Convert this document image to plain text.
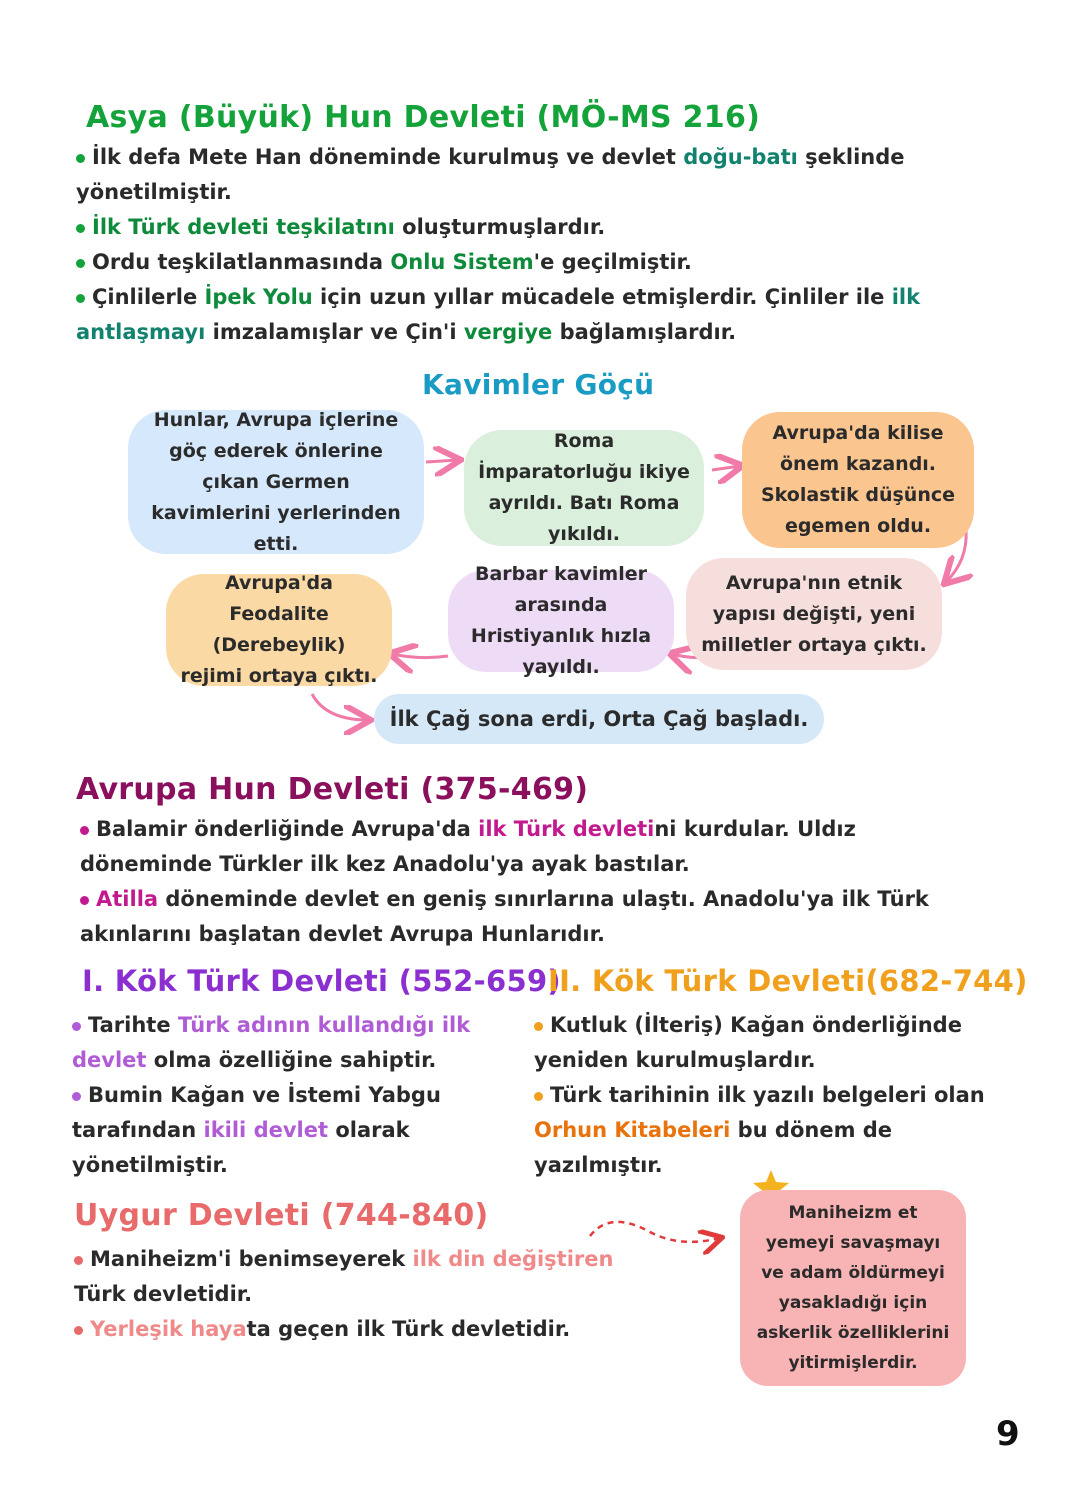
Asya (Büyük) Hun Devleti (MÖ-MS 216)
İlk defa Mete Han döneminde kurulmuş ve devlet doğu-batı şeklinde yönetilmiştir.
İlk Türk devleti teşkilatını oluşturmuşlardır.
Ordu teşkilatlanmasında Onlu Sistem'e geçilmiştir.
Çinlilerle İpek Yolu için uzun yıllar mücadele etmişlerdir. Çinliler ile ilk antlaşmayı imzalamışlar ve Çin'i vergiye bağlamışlardır.
Kavimler Göçü
Hunlar, Avrupa içlerine göç ederek önlerine çıkan Germen kavimlerini yerlerinden etti.
Roma İmparatorluğu ikiye ayrıldı. Batı Roma yıkıldı.
Avrupa'da kilise önem kazandı. Skolastik düşünce egemen oldu.
Avrupa'nın etnik yapısı değişti, yeni milletler ortaya çıktı.
Barbar kavimler arasında Hristiyanlık hızla yayıldı.
Avrupa'da Feodalite (Derebeylik) rejimi ortaya çıktı.
İlk Çağ sona erdi, Orta Çağ başladı.
Avrupa Hun Devleti (375-469)
Balamir önderliğinde Avrupa'da ilk Türk devletini kurdular. Uldız döneminde Türkler ilk kez Anadolu'ya ayak bastılar.
Atilla döneminde devlet en geniş sınırlarına ulaştı. Anadolu'ya ilk Türk akınlarını başlatan devlet Avrupa Hunlarıdır.
I. Kök Türk Devleti (552-659)
Tarihte Türk adının kullandığı ilk devlet olma özelliğine sahiptir.
Bumin Kağan ve İstemi Yabgu tarafından ikili devlet olarak yönetilmiştir.
II. Kök Türk Devleti(682-744)
Kutluk (İlteriş) Kağan önderliğinde yeniden kurulmuşlardır.
Türk tarihinin ilk yazılı belgeleri olan Orhun Kitabeleri bu dönem de yazılmıştır.
Uygur Devleti (744-840)
Maniheizm'i benimseyerek ilk din değiştiren Türk devletidir.
Yerleşik hayata geçen ilk Türk devletidir.
Maniheizm et yemeyi savaşmayı ve adam öldürmeyi yasakladığı için askerlik özelliklerini yitirmişlerdir.
9
